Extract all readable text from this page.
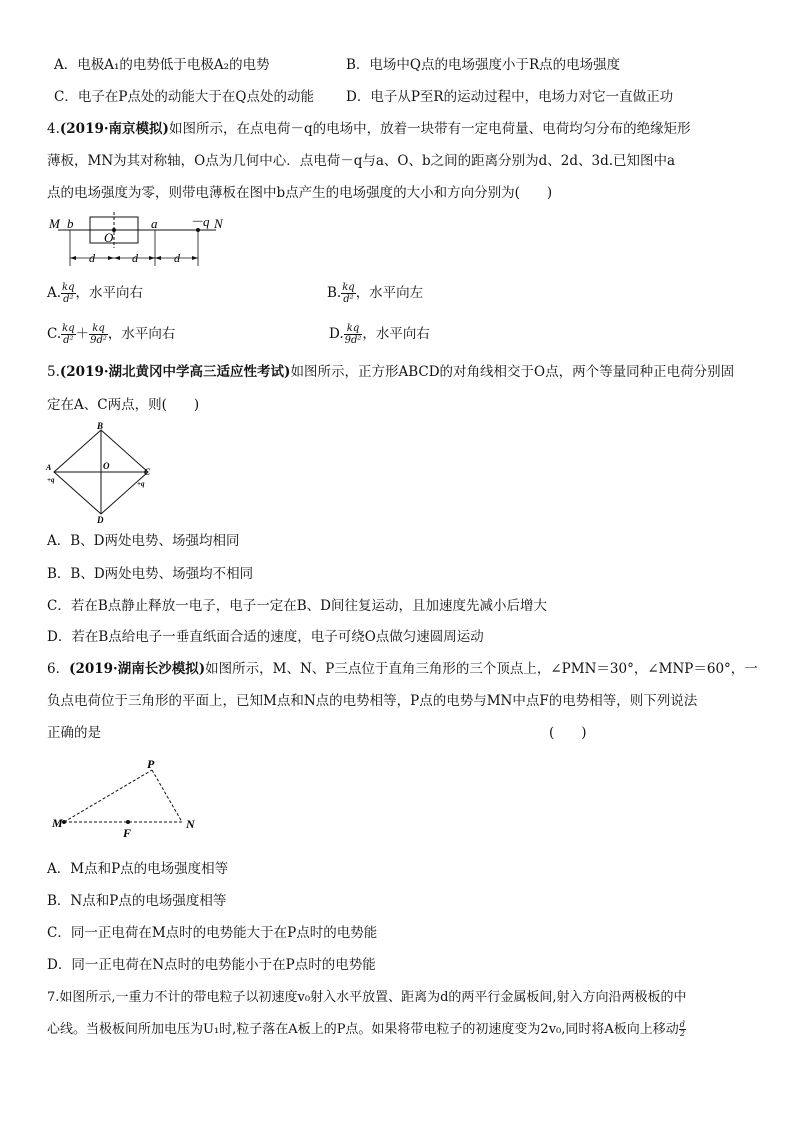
A．电极A₁的电势低于电极A₂的电势	B．电场中Q点的电场强度小于R点的电场强度
C．电子在P点处的动能大于在Q点处的动能 D．电子从P至R的运动过程中，电场力对它一直做正功
4.(2019·南京模拟)如图所示，在点电荷－q的电场中，放着一块带有一定电荷量、电荷均匀分布的绝缘矩形
薄板，MN为其对称轴，O点为几何中心．点电荷－q与a、O、b之间的距离分别为d、2d、3d.已知图中a
点的电场强度为零，则带电薄板在图中b点产生的电场强度的大小和方向分别为(　　)
M b
O
a	－q N
d	d	d
A. $\frac{kq}{\text{d²}}$ ，水平向右	B. $\frac{kq}{\text{d²}}$ ，水平向左
C. $\frac{kq}{\text{d²}} + \frac{kq}{\text{9d²}}$ ，水平向右	D. $\frac{kq}{\text{9d²}}$ ，水平向右
5.(2019·湖北黄冈中学高三适应性考试)如图所示，正方形ABCD的对角线相交于O点，两个等量同种正电荷分别固
定在A、C两点，则(　　)
B
D
O
A
+q
C
+q
A．B、D两处电势、场强均相同
B．B、D两处电势、场强均不相同
C．若在B点静止释放一电子，电子一定在B、D间往复运动，且加速度先减小后增大
D．若在B点给电子一垂直纸面合适的速度，电子可绕O点做匀速圆周运动
6．(2019·湖南长沙模拟)如图所示，M、N、P三点位于直角三角形的三个顶点上，∠PMN＝30°，∠MNP＝60°，一
负点电荷位于三角形的平面上，已知M点和N点的电势相等，P点的电势与MN中点F的电势相等，则下列说法
正确的是	(　　)
M	N
P
F
A．M点和P点的电场强度相等
B．N点和P点的电场强度相等
C．同一正电荷在M点时的电势能大于在P点时的电势能
D．同一正电荷在N点时的电势能小于在P点时的电势能
7.如图所示,一重力不计的带电粒子以初速度v₀射入水平放置、距离为d的两平行金属板间,射入方向沿两极板的中
心线。当极板间所加电压为U₁时,粒子落在A板上的P点。如果将带电粒子的初速度变为2v₀,同时将A板向上移动 $\frac{d}{2}$
